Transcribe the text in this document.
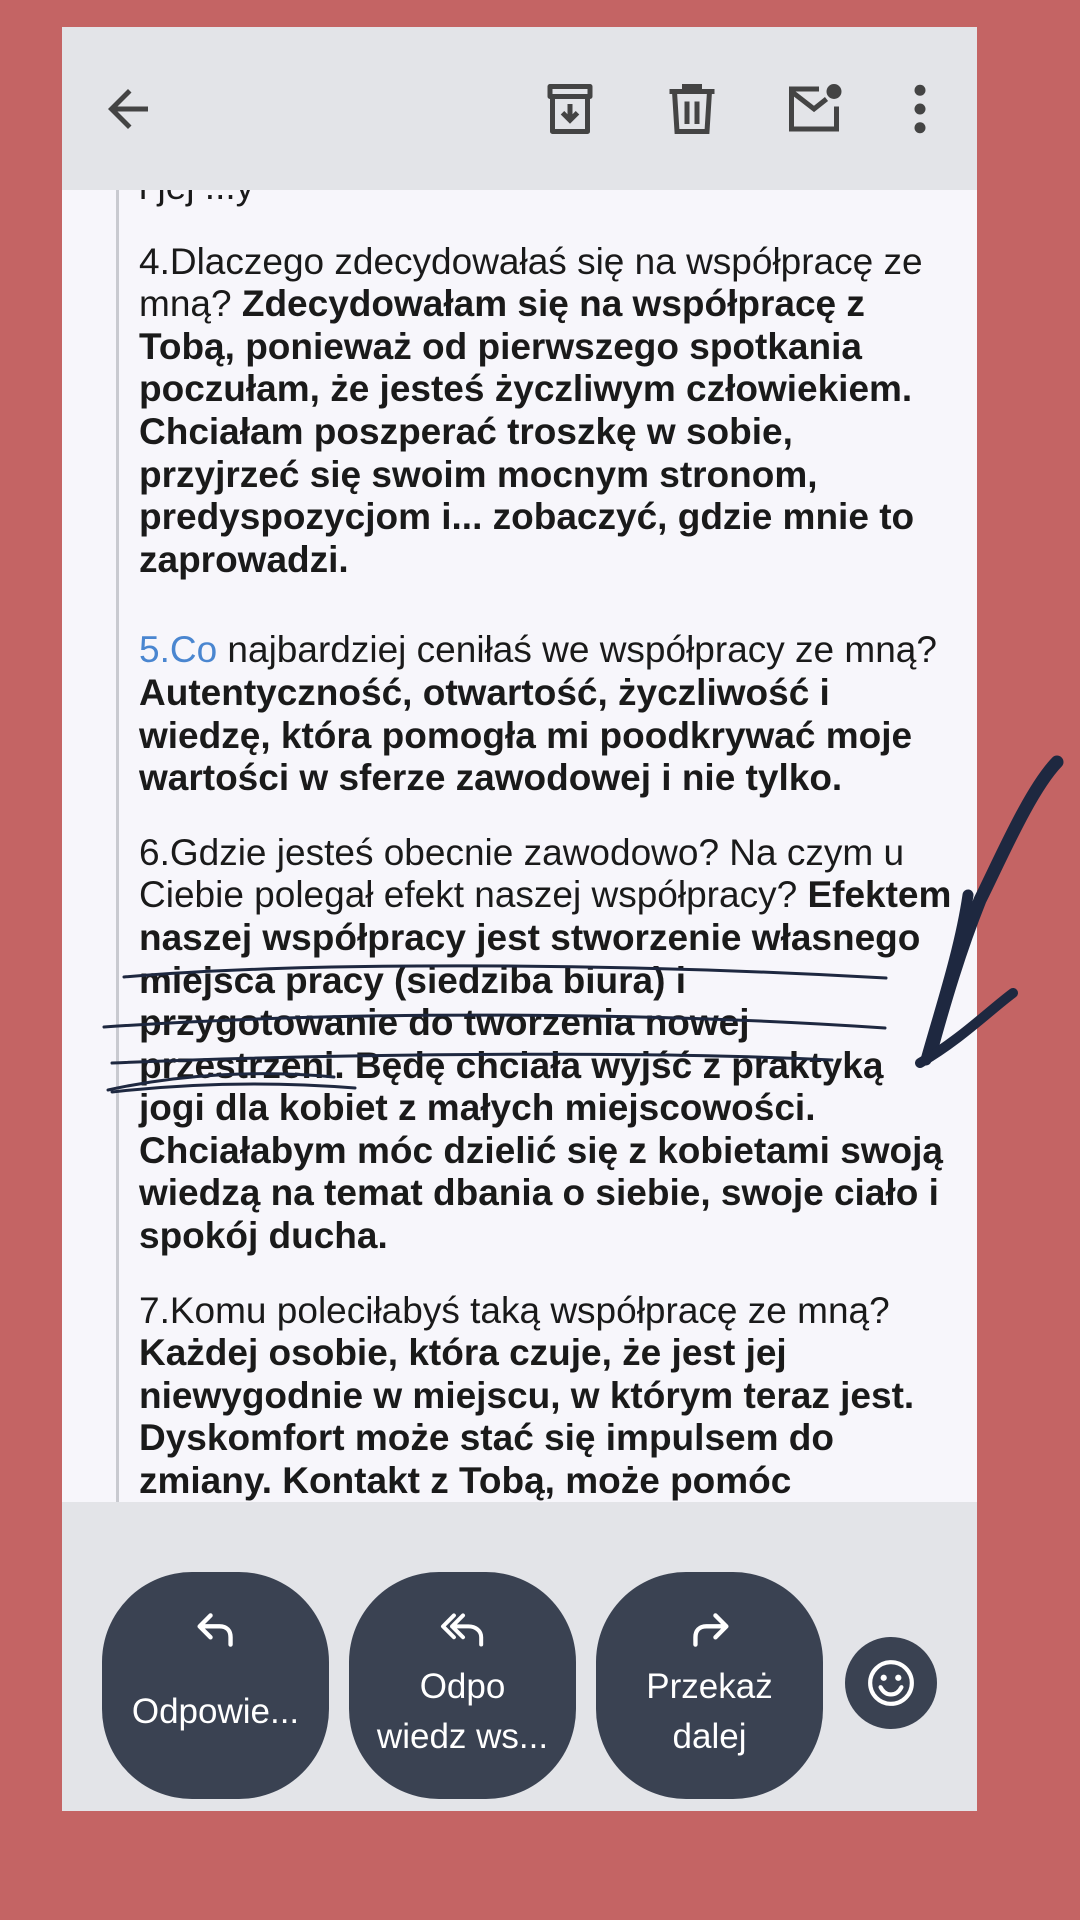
4.Dlaczego zdecydowałaś się na współpracę ze mną? Zdecydowałam się na współpracę z Tobą, ponieważ od pierwszego spotkania poczułam, że jesteś życzliwym człowiekiem. Chciałam poszperać troszkę w sobie, przyjrzeć się swoim mocnym stronom, predyspozycjom i... zobaczyć, gdzie mnie to zaprowadzi.

5.Co najbardziej ceniłaś we współpracy ze mną? Autentyczność, otwartość, życzliwość i wiedzę, która pomogła mi poodkrywać moje wartości w sferze zawodowej i nie tylko.

6.Gdzie jesteś obecnie zawodowo? Na czym u Ciebie polegał efekt naszej współpracy? Efektem naszej współpracy jest stworzenie własnego miejsca pracy (siedziba biura) i przygotowanie do tworzenia nowej przestrzeni. Będę chciała wyjść z praktyką jogi dla kobiet z małych miejscowości. Chciałabym móc dzielić się z kobietami swoją wiedzą na temat dbania o siebie, swoje ciało i spokój ducha.

7.Komu poleciłabyś taką współpracę ze mną? Każdej osobie, która czuje, że jest jej niewygodnie w miejscu, w którym teraz jest. Dyskomfort może stać się impulsem do zmiany. Kontakt z Tobą, może pomóc

Odpowie...
Odpo
wiedz ws...
Przekaż
dalej
